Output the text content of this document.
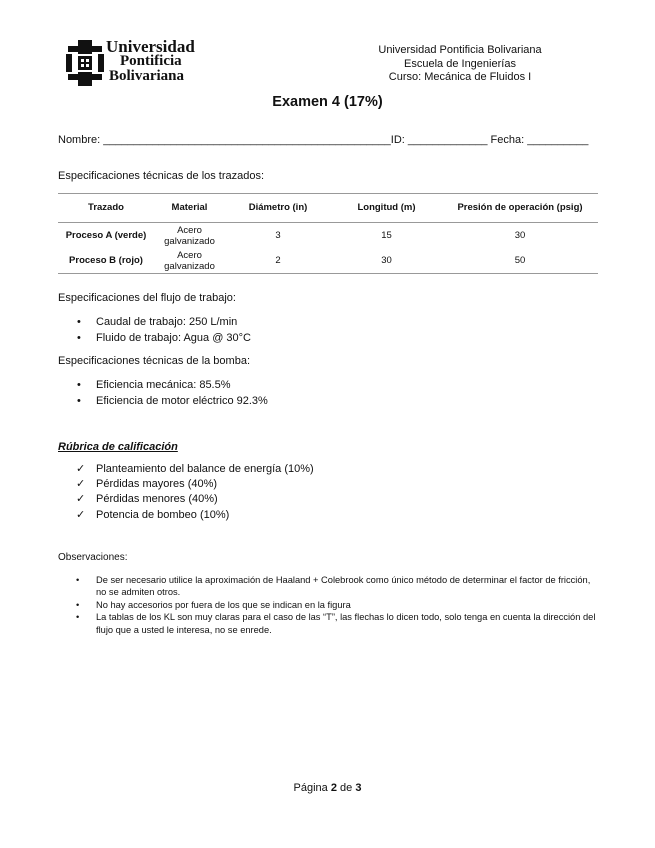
Universidad
Pontificia
Bolivariana
Universidad Pontificia Bolivariana
Escuela de Ingenierías
Curso: Mecánica de Fluidos I
Examen 4 (17%)
Nombre: _______________________________________________ID: _____________ Fecha: __________
Especificaciones técnicas de los trazados:
Trazado	Material	Diámetro (in)	Longitud (m)	Presión de operación (psig)
Proceso A (verde)	Acero galvanizado	3	15	30
Proceso B (rojo)	Acero galvanizado	2	30	50
Especificaciones del flujo de trabajo:
• Caudal de trabajo: 250 L/min
• Fluido de trabajo: Agua @ 30°C
Especificaciones técnicas de la bomba:
• Eficiencia mecánica: 85.5%
• Eficiencia de motor eléctrico 92.3%
Rúbrica de calificación
✓ Planteamiento del balance de energía (10%)
✓ Pérdidas mayores (40%)
✓ Pérdidas menores (40%)
✓ Potencia de bombeo (10%)
Observaciones:
• De ser necesario utilice la aproximación de Haaland + Colebrook como único método de determinar el factor de fricción, no se admiten otros.
• No hay accesorios por fuera de los que se indican en la figura
• La tablas de los KL son muy claras para el caso de las “T”, las flechas lo dicen todo, solo tenga en cuenta la dirección del flujo que a usted le interesa, no se enrede.
Página 2 de 3
